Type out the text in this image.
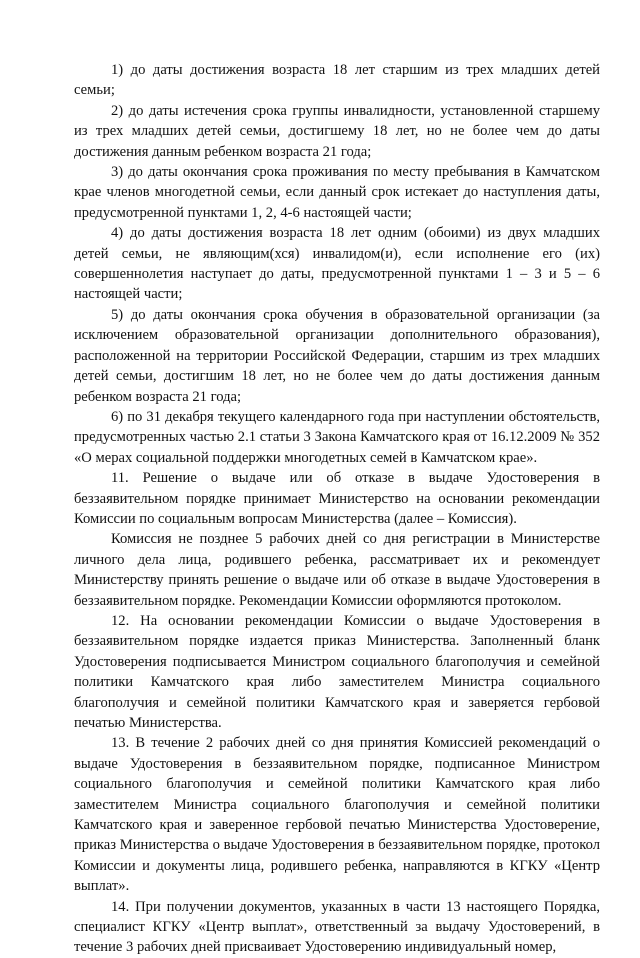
1) до даты достижения возраста 18 лет старшим из трех младших детей семьи;

2) до даты истечения срока группы инвалидности, установленной старшему из трех младших детей семьи, достигшему 18 лет, но не более чем до даты достижения данным ребенком возраста 21 года;

3) до даты окончания срока проживания по месту пребывания в Камчатском крае членов многодетной семьи, если данный срок истекает до наступления даты, предусмотренной пунктами 1, 2, 4-6 настоящей части;

4) до даты достижения возраста 18 лет одним (обоими) из двух младших детей семьи, не являющим(хся) инвалидом(и), если исполнение его (их) совершеннолетия наступает до даты, предусмотренной пунктами 1 – 3 и 5 – 6 настоящей части;

5) до даты окончания срока обучения в образовательной организации (за исключением образовательной организации дополнительного образования), расположенной на территории Российской Федерации, старшим из трех младших детей семьи, достигшим 18 лет, но не более чем до даты достижения данным ребенком возраста 21 года;

6) по 31 декабря текущего календарного года при наступлении обстоятельств, предусмотренных частью 2.1 статьи 3 Закона Камчатского края от 16.12.2009 № 352 «О мерах социальной поддержки многодетных семей в Камчатском крае».

11. Решение о выдаче или об отказе в выдаче Удостоверения в беззаявительном порядке принимает Министерство на основании рекомендации Комиссии по социальным вопросам Министерства (далее – Комиссия).

Комиссия не позднее 5 рабочих дней со дня регистрации в Министерстве личного дела лица, родившего ребенка, рассматривает их и рекомендует Министерству принять решение о выдаче или об отказе в выдаче Удостоверения в беззаявительном порядке. Рекомендации Комиссии оформляются протоколом.

12. На основании рекомендации Комиссии о выдаче Удостоверения в беззаявительном порядке издается приказ Министерства. Заполненный бланк Удостоверения подписывается Министром социального благополучия и семейной политики Камчатского края либо заместителем Министра социального благополучия и семейной политики Камчатского края и заверяется гербовой печатью Министерства.

13. В течение 2 рабочих дней со дня принятия Комиссией рекомендаций о выдаче Удостоверения в беззаявительном порядке, подписанное Министром социального благополучия и семейной политики Камчатского края либо заместителем Министра социального благополучия и семейной политики Камчатского края и заверенное гербовой печатью Министерства Удостоверение, приказ Министерства о выдаче Удостоверения в беззаявительном порядке, протокол Комиссии и документы лица, родившего ребенка, направляются в КГКУ «Центр выплат».

14. При получении документов, указанных в части 13 настоящего Порядка, специалист КГКУ «Центр выплат», ответственный за выдачу Удостоверений, в течение 3 рабочих дней присваивает Удостоверению индивидуальный номер,
